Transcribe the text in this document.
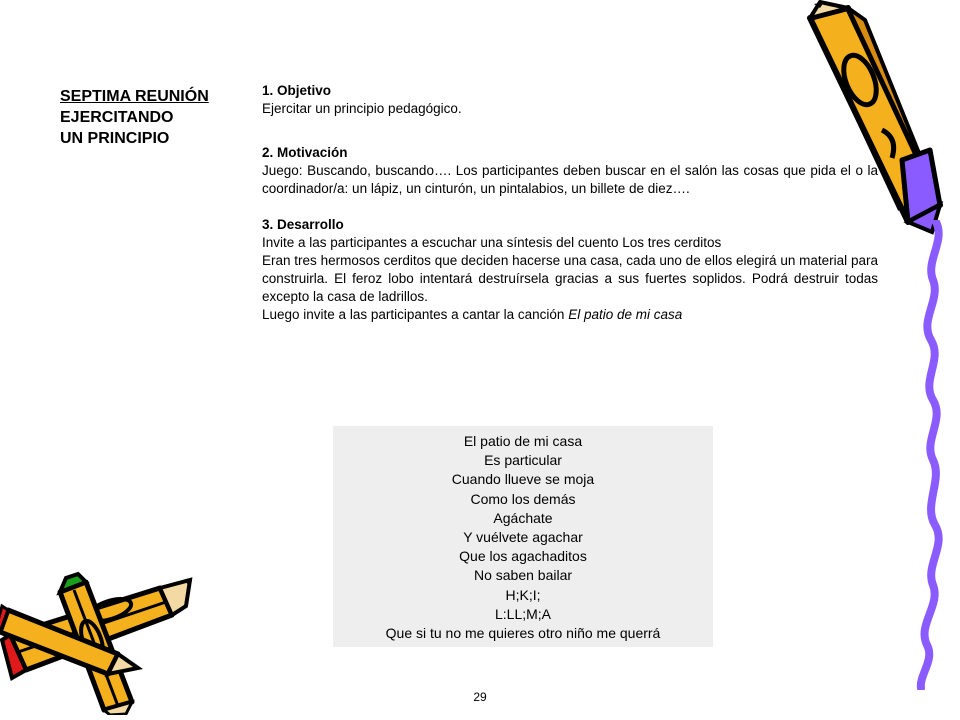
SEPTIMA REUNIÓN
EJERCITANDO
UN PRINCIPIO
1. Objetivo
Ejercitar un principio pedagógico.
2. Motivación
Juego: Buscando, buscando…. Los participantes deben buscar en el salón las cosas que pida el o la coordinador/a: un lápiz, un cinturón, un pintalabios, un billete de diez….
3. Desarrollo
Invite a las participantes a escuchar una síntesis del cuento Los tres cerditos
Eran tres hermosos cerditos que deciden hacerse una casa, cada uno de ellos elegirá un material para construirla. El feroz lobo intentará destruírsela gracias a sus fuertes soplidos. Podrá destruir todas excepto la casa de ladrillos.
Luego invite a las participantes a cantar la canción El patio de mi casa
El patio de mi casa
Es particular
Cuando llueve se moja
Como los demás
Agáchate
Y vuélvete agachar
Que los agachaditos
No saben bailar
H;K;I;
L:LL;M;A
Que si tu no me quieres otro niño me querrá
29
